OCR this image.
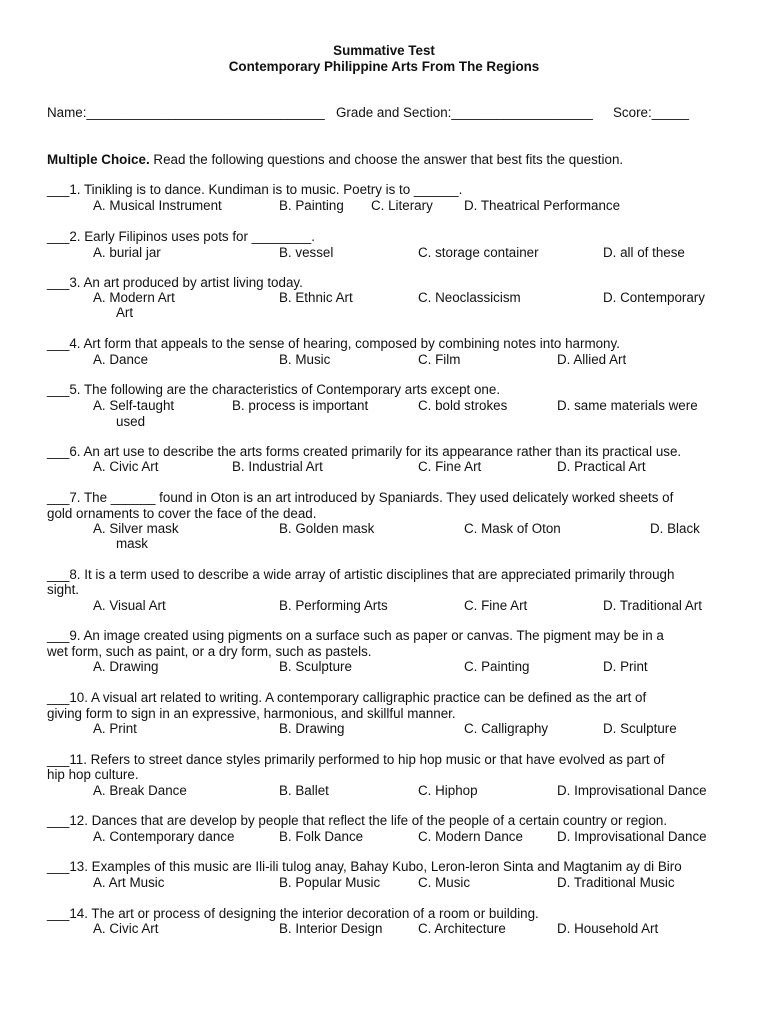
Summative Test
Contemporary Philippine Arts From The Regions
Name:________________________________ Grade and Section:___________________ Score:_____
Multiple Choice. Read the following questions and choose the answer that best fits the question.
___1. Tinikling is to dance. Kundiman is to music. Poetry is to ______.
A. Musical Instrument	B. Painting C. Literary D. Theatrical Performance
___2. Early Filipinos uses pots for ________.
A. burial jar	B. vessel	C. storage container	D. all of these
___3. An art produced by artist living today.
A. Modern Art	B. Ethnic Art	C. Neoclassicism	D. Contemporary
Art
___4. Art form that appeals to the sense of hearing, composed by combining notes into harmony.
A. Dance	B. Music	C. Film	D. Allied Art
___5. The following are the characteristics of Contemporary arts except one.
A. Self-taught	B. process is important	C. bold strokes	D. same materials were
used
___6. An art use to describe the arts forms created primarily for its appearance rather than its practical use.
A. Civic Art	B. Industrial Art	C. Fine Art	D. Practical Art
___7. The ______ found in Oton is an art introduced by Spaniards. They used delicately worked sheets of
gold ornaments to cover the face of the dead.
A. Silver mask	B. Golden mask	C. Mask of Oton	D. Black
mask
___8. It is a term used to describe a wide array of artistic disciplines that are appreciated primarily through
sight.
A. Visual Art	B. Performing Arts	C. Fine Art	D. Traditional Art
___9. An image created using pigments on a surface such as paper or canvas. The pigment may be in a
wet form, such as paint, or a dry form, such as pastels.
A. Drawing	B. Sculpture	C. Painting	D. Print
___10. A visual art related to writing. A contemporary calligraphic practice can be defined as the art of
giving form to sign in an expressive, harmonious, and skillful manner.
A. Print	B. Drawing	C. Calligraphy	D. Sculpture
___11. Refers to street dance styles primarily performed to hip hop music or that have evolved as part of
hip hop culture.
A. Break Dance	B. Ballet	C. Hiphop	D. Improvisational Dance
___12. Dances that are develop by people that reflect the life of the people of a certain country or region.
A. Contemporary dance	B. Folk Dance	C. Modern Dance	D. Improvisational Dance
___13. Examples of this music are Ili-ili tulog anay, Bahay Kubo, Leron-leron Sinta and Magtanim ay di Biro
A. Art Music	B. Popular Music	C. Music	D. Traditional Music
___14. The art or process of designing the interior decoration of a room or building.
A. Civic Art	B. Interior Design	C. Architecture	D. Household Art
